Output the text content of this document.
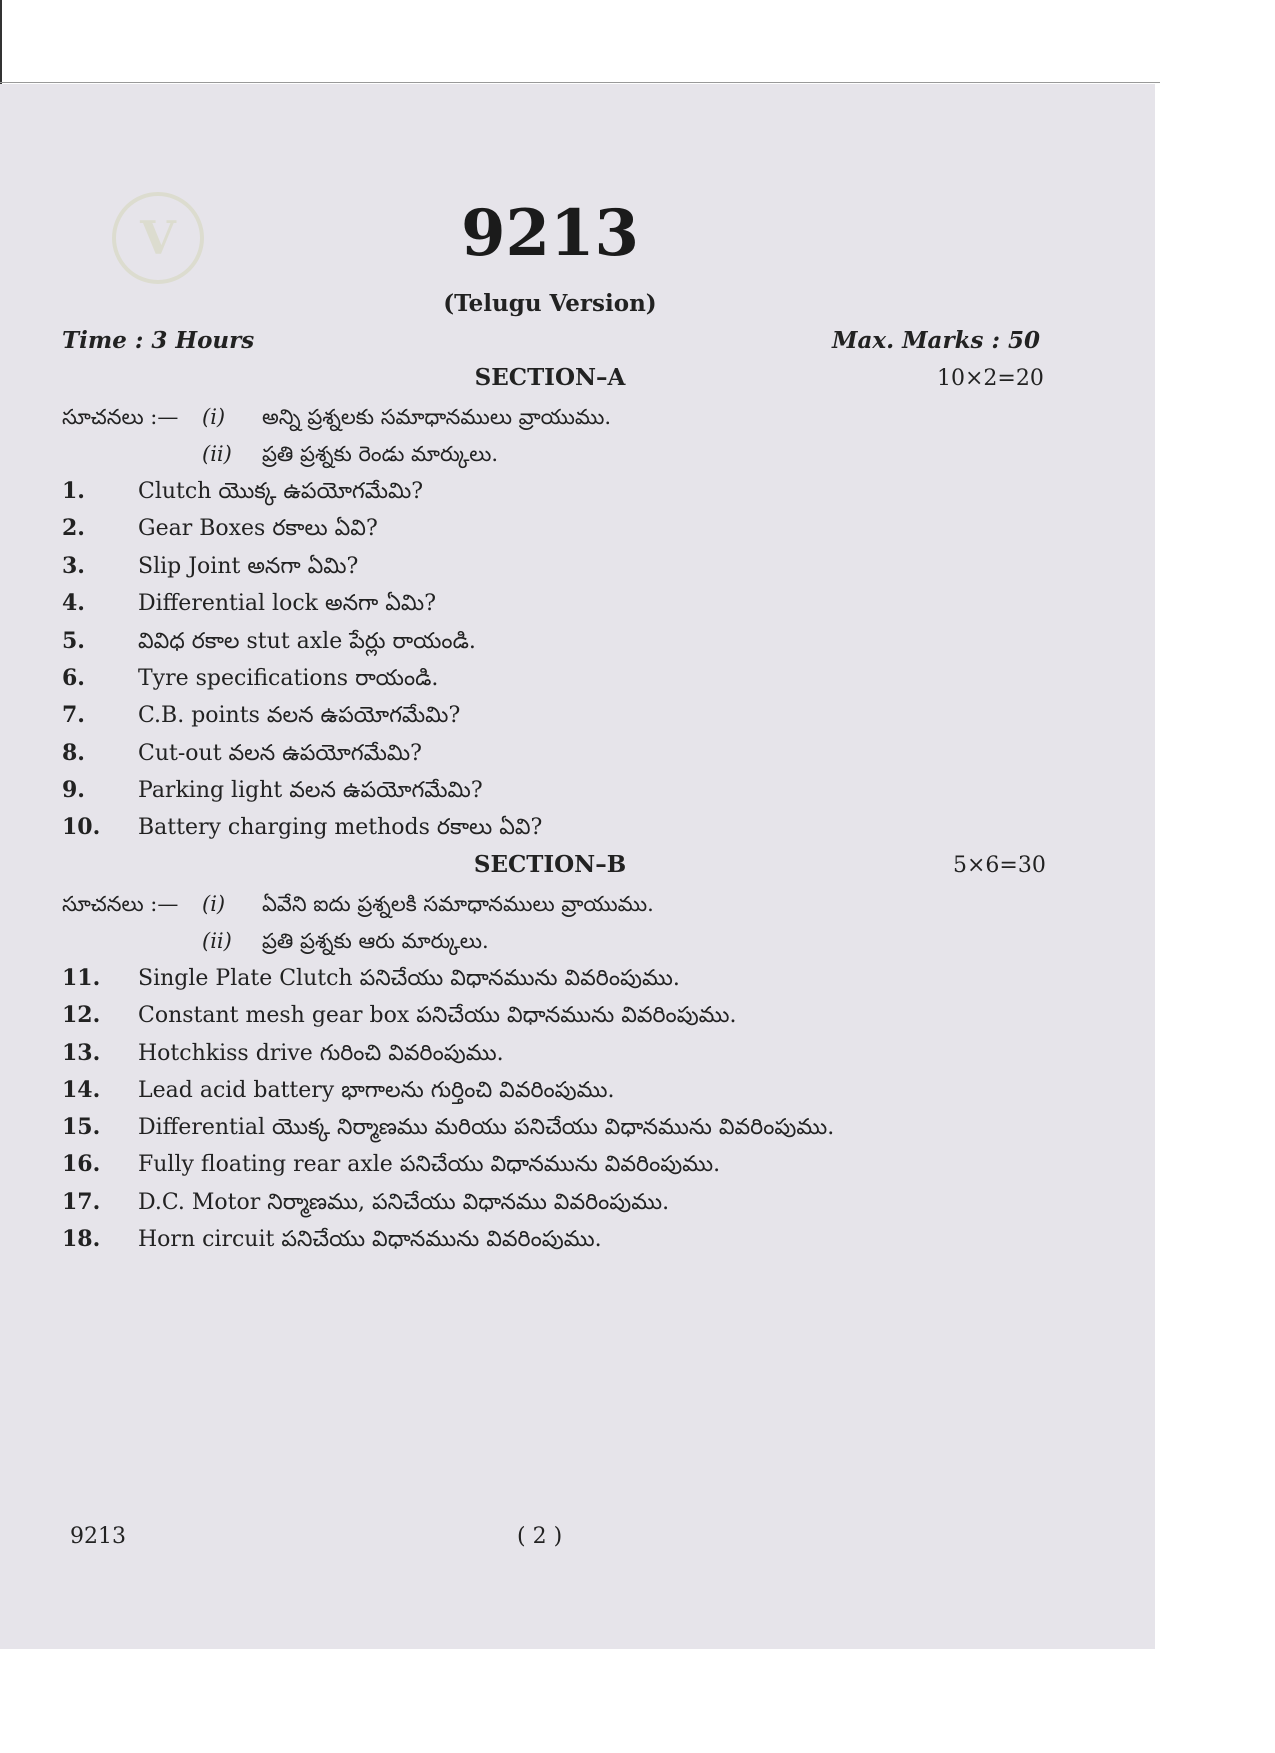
V	9213
(Telugu Version)
Time : 3 Hours	Max. Marks : 50
SECTION–A	10×2=20
సూచనలు :—	(i)	అన్ని ప్రశ్నలకు సమాధానములు వ్రాయుము.
(ii)	ప్రతి ప్రశ్నకు రెండు మార్కులు.
1.	Clutch యొక్క ఉపయోగమేమి?
2.	Gear Boxes రకాలు ఏవి?
3.	Slip Joint అనగా ఏమి?
4.	Differential lock అనగా ఏమి?
5.	వివిధ రకాల stut axle పేర్లు రాయండి.
6.	Tyre specifications రాయండి.
7.	C.B. points వలన ఉపయోగమేమి?
8.	Cut-out వలన ఉపయోగమేమి?
9.	Parking light వలన ఉపయోగమేమి?
10.	Battery charging methods రకాలు ఏవి?
SECTION–B	5×6=30
సూచనలు :—	(i)	ఏవేని ఐదు ప్రశ్నలకి సమాధానములు వ్రాయుము.
(ii)	ప్రతి ప్రశ్నకు ఆరు మార్కులు.
11.	Single Plate Clutch పనిచేయు విధానమును వివరింపుము.
12.	Constant mesh gear box పనిచేయు విధానమును వివరింపుము.
13.	Hotchkiss drive గురించి వివరింపుము.
14.	Lead acid battery భాగాలను గుర్తించి వివరింపుము.
15.	Differential యొక్క నిర్మాణము మరియు పనిచేయు విధానమును వివరింపుము.
16.	Fully floating rear axle పనిచేయు విధానమును వివరింపుము.
17.	D.C. Motor నిర్మాణము, పనిచేయు విధానము వివరింపుము.
18.	Horn circuit పనిచేయు విధానమును వివరింపుము.
9213	( 2 )
